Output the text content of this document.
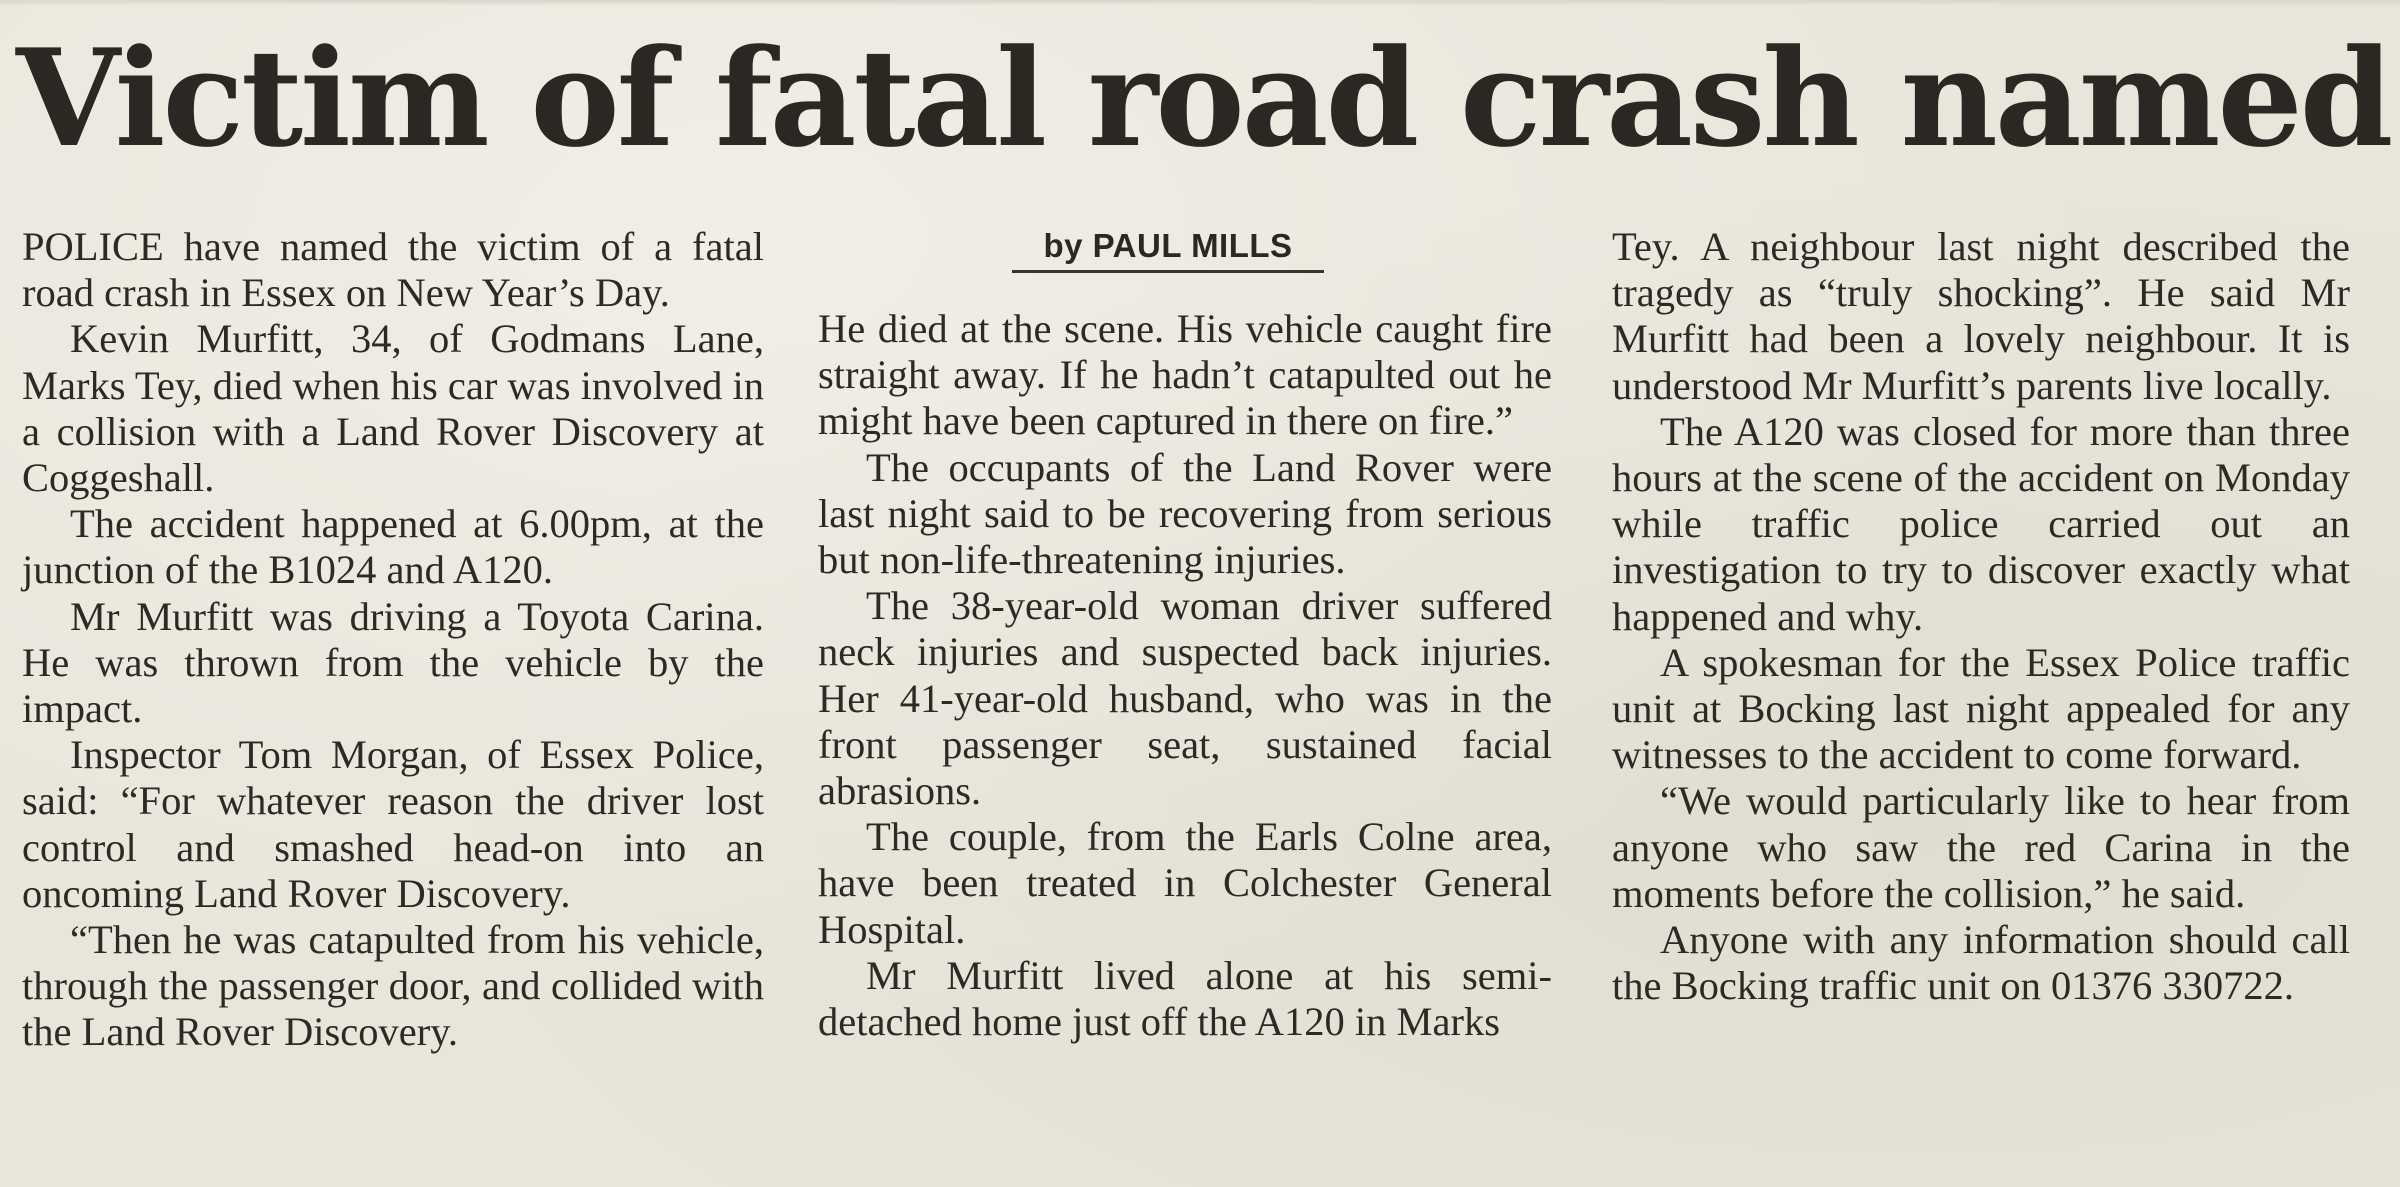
Victim of fatal road crash named

POLICE have named the victim of a fatal road crash in Essex on New Year’s Day.

Kevin Murfitt, 34, of Godmans Lane, Marks Tey, died when his car was involved in a collision with a Land Rover Discovery at Coggeshall.

The accident happened at 6.00pm, at the junction of the B1024 and A120.

Mr Murfitt was driving a Toyota Carina. He was thrown from the vehicle by the impact.

Inspector Tom Morgan, of Essex Police, said: “For whatever reason the driver lost control and smashed head-on into an oncoming Land Rover Discovery.

“Then he was catapulted from his vehicle, through the passenger door, and collided with the Land Rover Discovery.

by PAUL MILLS

He died at the scene. His vehicle caught fire straight away. If he hadn’t catapulted out he might have been captured in there on fire.”

The occupants of the Land Rover were last night said to be recovering from serious but non-life-threatening injuries.

The 38-year-old woman driver suffered neck injuries and suspected back injuries. Her 41-year-old husband, who was in the front passenger seat, sustained facial abrasions.

The couple, from the Earls Colne area, have been treated in Colchester General Hospital.

Mr Murfitt lived alone at his semidetached home just off the A120 in Marks

Tey. A neighbour last night described the tragedy as “truly shocking”. He said Mr Murfitt had been a lovely neighbour. It is understood Mr Murfitt’s parents live locally.

The A120 was closed for more than three hours at the scene of the accident on Monday while traffic police carried out an investigation to try to discover exactly what happened and why.

A spokesman for the Essex Police traffic unit at Bocking last night appealed for any witnesses to the accident to come forward.

“We would particularly like to hear from anyone who saw the red Carina in the moments before the collision,” he said.

Anyone with any information should call the Bocking traffic unit on 01376 330722.
